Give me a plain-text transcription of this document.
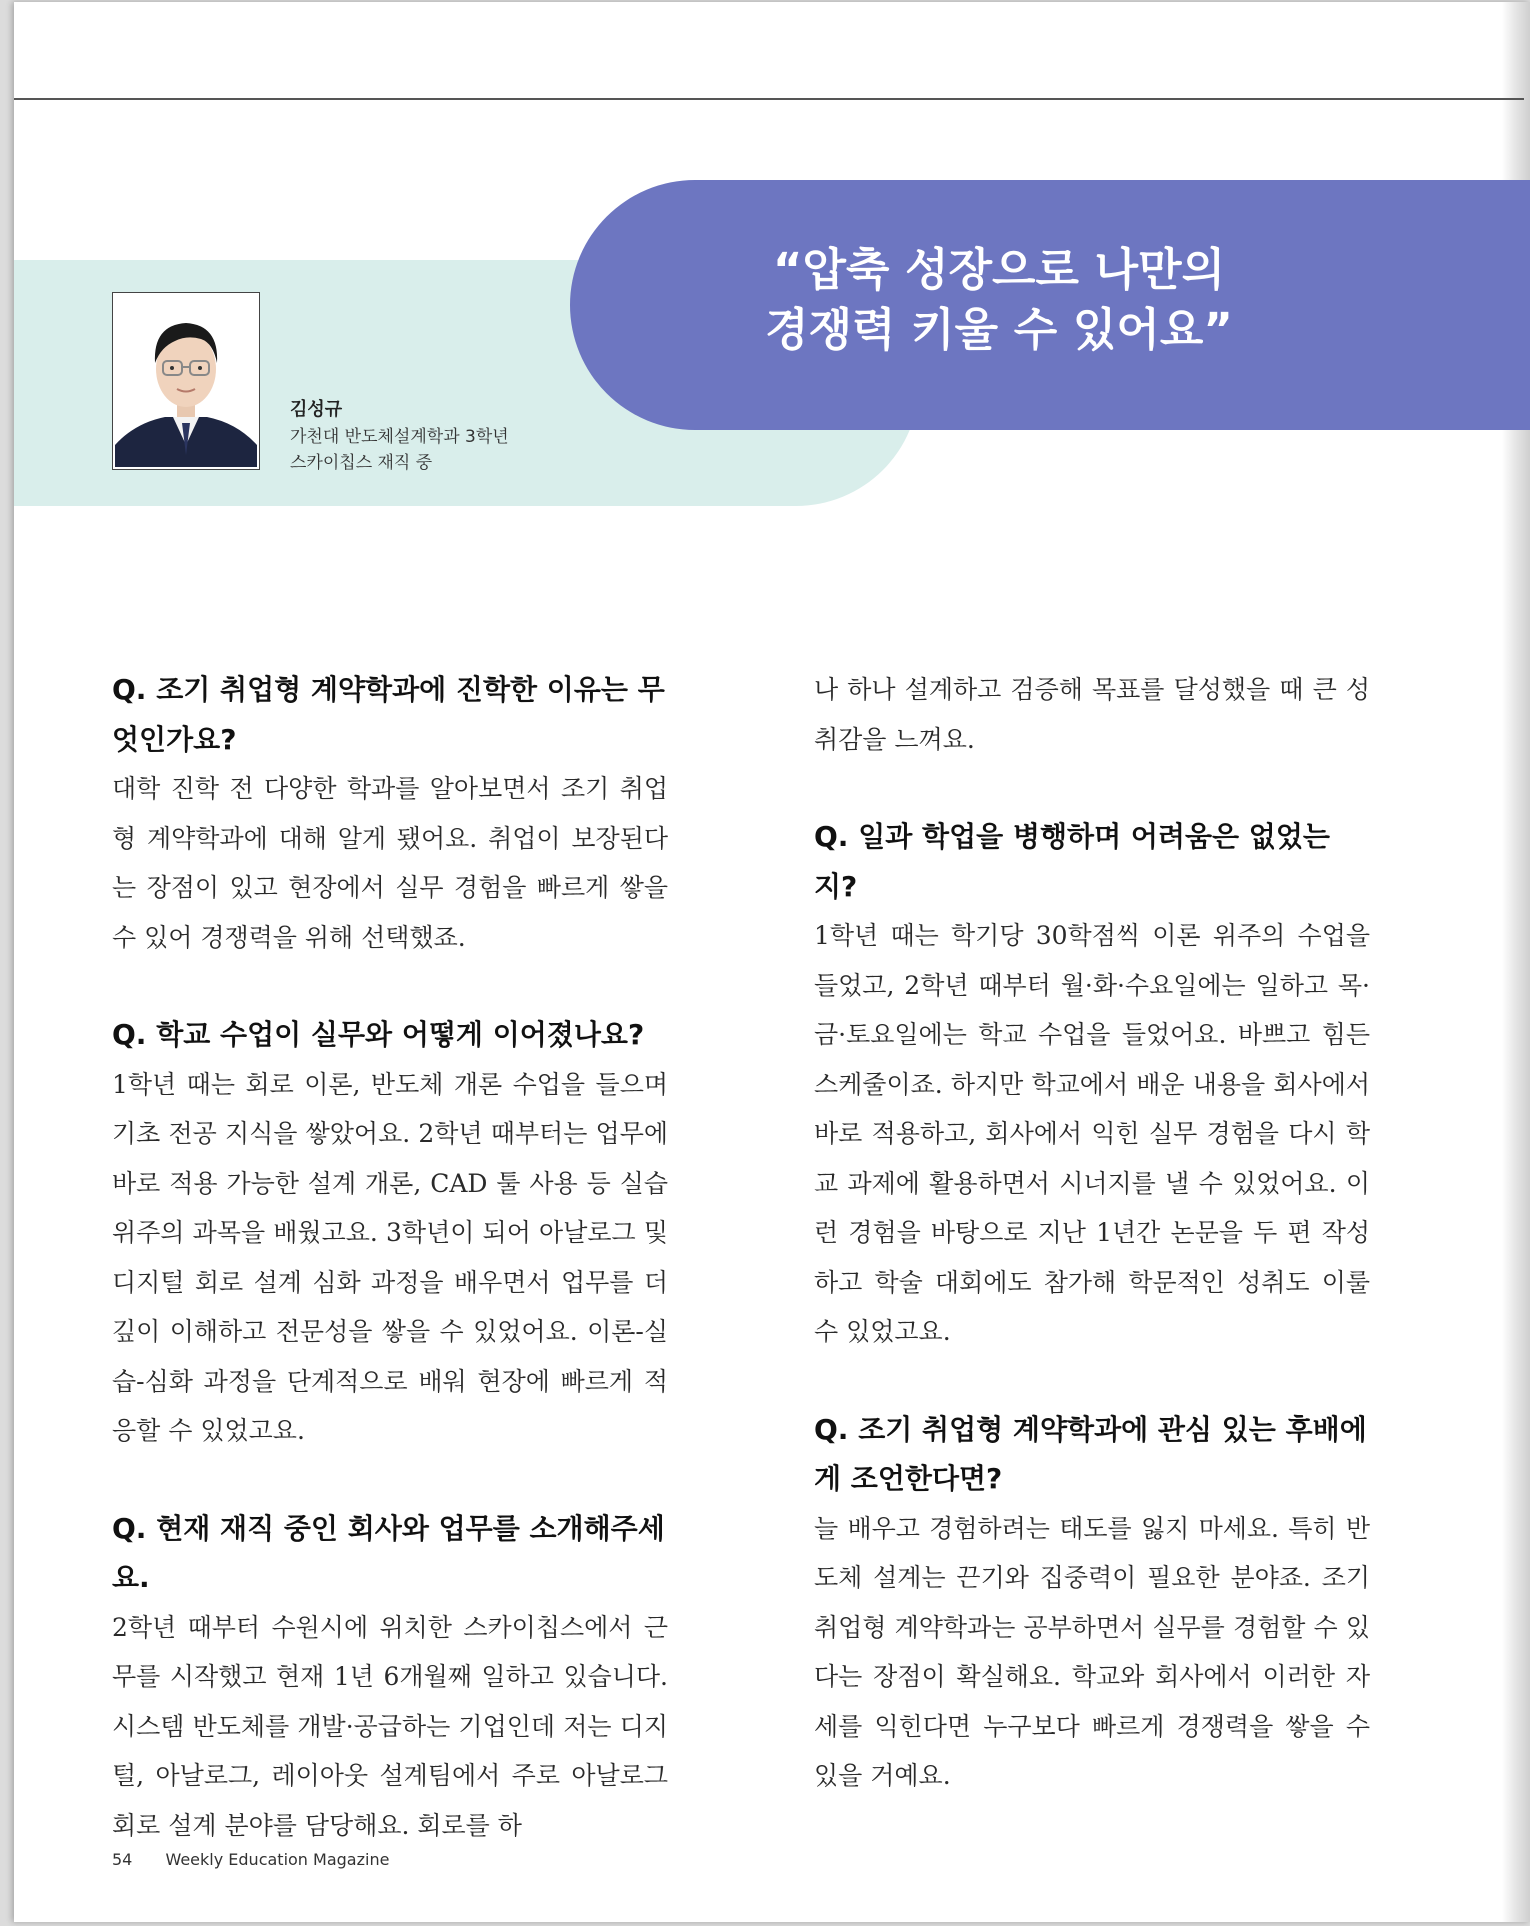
“압축 성장으로 나만의
경쟁력 키울 수 있어요”
김성규
가천대 반도체설계학과 3학년
스카이칩스 재직 중
Q. 조기 취업형 계약학과에 진학한 이유는 무엇인가요?
대학 진학 전 다양한 학과를 알아보면서 조기 취업형 계약학과에 대해 알게 됐어요. 취업이 보장된다는 장점이 있고 현장에서 실무 경험을 빠르게 쌓을 수 있어 경쟁력을 위해 선택했죠.
Q. 학교 수업이 실무와 어떻게 이어졌나요?
1학년 때는 회로 이론, 반도체 개론 수업을 들으며 기초 전공 지식을 쌓았어요. 2학년 때부터는 업무에 바로 적용 가능한 설계 개론, CAD 툴 사용 등 실습 위주의 과목을 배웠고요. 3학년이 되어 아날로그 및 디지털 회로 설계 심화 과정을 배우면서 업무를 더 깊이 이해하고 전문성을 쌓을 수 있었어요. 이론-실습-심화 과정을 단계적으로 배워 현장에 빠르게 적응할 수 있었고요.
Q. 현재 재직 중인 회사와 업무를 소개해주세요.
2학년 때부터 수원시에 위치한 스카이칩스에서 근무를 시작했고 현재 1년 6개월째 일하고 있습니다. 시스템 반도체를 개발·공급하는 기업인데 저는 디지털, 아날로그, 레이아웃 설계팀에서 주로 아날로그 회로 설계 분야를 담당해요. 회로를 하
나 하나 설계하고 검증해 목표를 달성했을 때 큰 성취감을 느껴요.
Q. 일과 학업을 병행하며 어려움은 없었는지?
1학년 때는 학기당 30학점씩 이론 위주의 수업을 들었고, 2학년 때부터 월·화·수요일에는 일하고 목·금·토요일에는 학교 수업을 들었어요. 바쁘고 힘든 스케줄이죠. 하지만 학교에서 배운 내용을 회사에서 바로 적용하고, 회사에서 익힌 실무 경험을 다시 학교 과제에 활용하면서 시너지를 낼 수 있었어요. 이런 경험을 바탕으로 지난 1년간 논문을 두 편 작성하고 학술 대회에도 참가해 학문적인 성취도 이룰 수 있었고요.
Q. 조기 취업형 계약학과에 관심 있는 후배에게 조언한다면?
늘 배우고 경험하려는 태도를 잃지 마세요. 특히 반도체 설계는 끈기와 집중력이 필요한 분야죠. 조기 취업형 계약학과는 공부하면서 실무를 경험할 수 있다는 장점이 확실해요. 학교와 회사에서 이러한 자세를 익힌다면 누구보다 빠르게 경쟁력을 쌓을 수 있을 거예요.
54 Weekly Education Magazine
